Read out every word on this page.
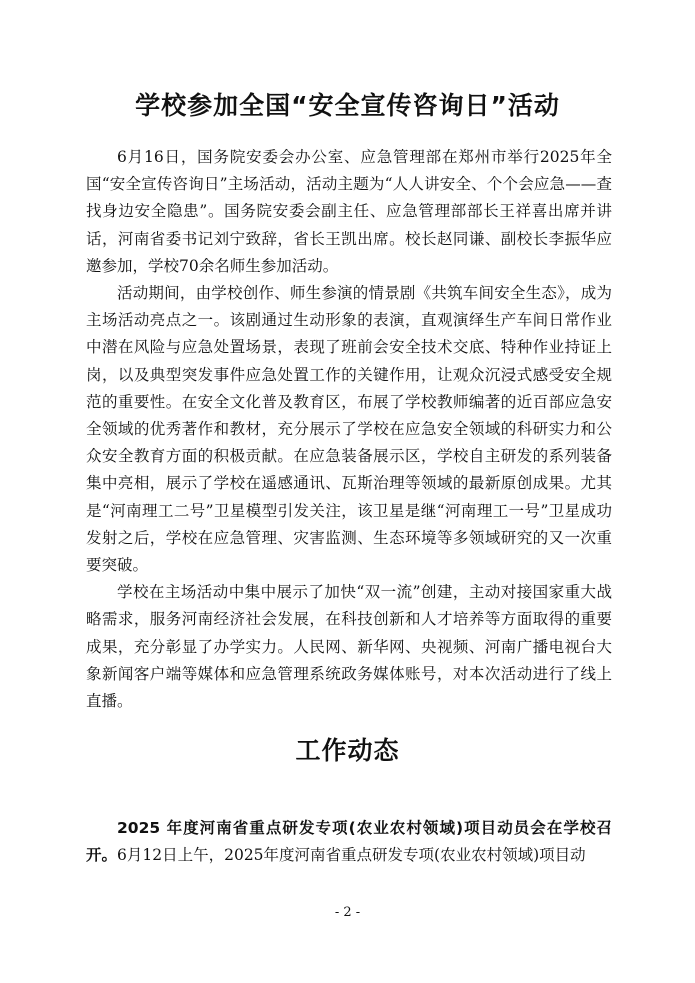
学校参加全国“安全宣传咨询日”活动

6月16日，国务院安委会办公室、应急管理部在郑州市举行2025年全国“安全宣传咨询日”主场活动，活动主题为“人人讲安全、个个会应急——查找身边安全隐患”。国务院安委会副主任、应急管理部部长王祥喜出席并讲话，河南省委书记刘宁致辞，省长王凯出席。校长赵同谦、副校长李振华应邀参加，学校70余名师生参加活动。

活动期间，由学校创作、师生参演的情景剧《共筑车间安全生态》，成为主场活动亮点之一。该剧通过生动形象的表演，直观演绎生产车间日常作业中潜在风险与应急处置场景，表现了班前会安全技术交底、特种作业持证上岗，以及典型突发事件应急处置工作的关键作用，让观众沉浸式感受安全规范的重要性。在安全文化普及教育区，布展了学校教师编著的近百部应急安全领域的优秀著作和教材，充分展示了学校在应急安全领域的科研实力和公众安全教育方面的积极贡献。在应急装备展示区，学校自主研发的系列装备集中亮相，展示了学校在遥感通讯、瓦斯治理等领域的最新原创成果。尤其是“河南理工二号”卫星模型引发关注，该卫星是继“河南理工一号”卫星成功发射之后，学校在应急管理、灾害监测、生态环境等多领域研究的又一次重要突破。

学校在主场活动中集中展示了加快“双一流”创建，主动对接国家重大战略需求，服务河南经济社会发展，在科技创新和人才培养等方面取得的重要成果，充分彰显了办学实力。人民网、新华网、央视频、河南广播电视台大象新闻客户端等媒体和应急管理系统政务媒体账号，对本次活动进行了线上直播。

工作动态

2025 年度河南省重点研发专项(农业农村领域)项目动员会在学校召开。6月12日上午，2025年度河南省重点研发专项(农业农村领域)项目动

- 2 -
